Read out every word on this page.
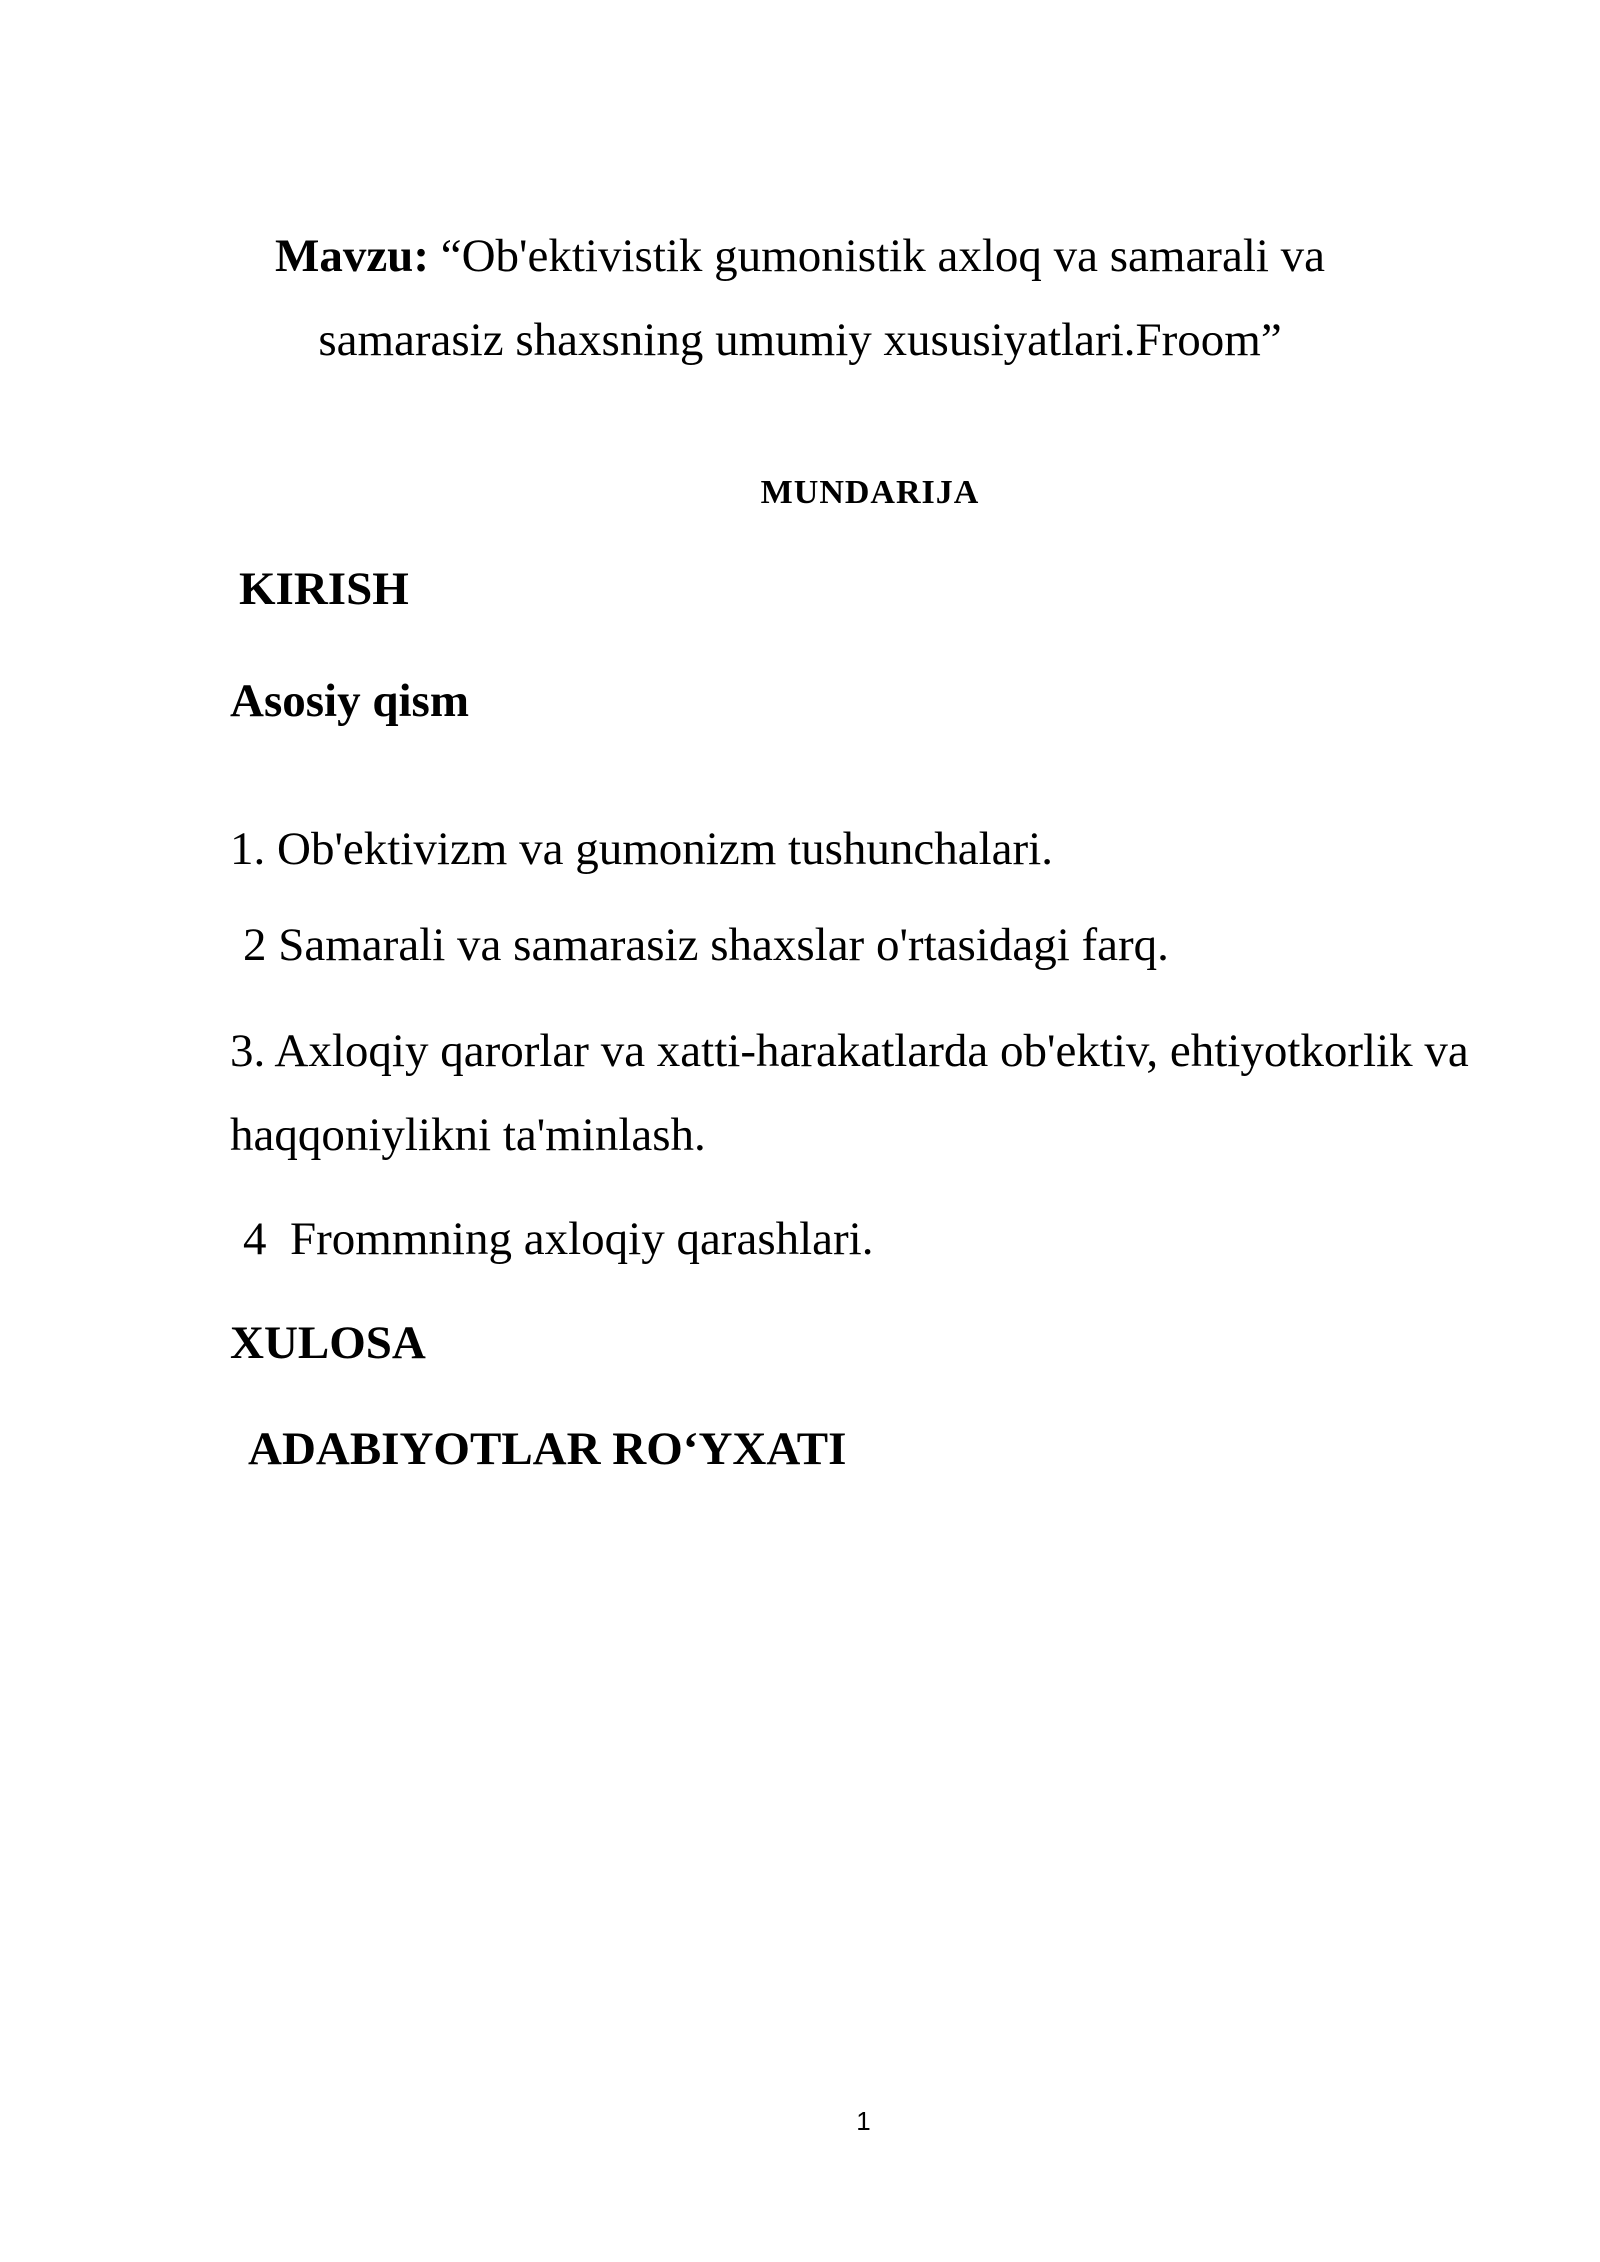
Mavzu: “Ob'ektivistik gumonistik axloq va samarali va samarasiz shaxsning umumiy xususiyatlari.Froom”
MUNDARIJA
KIRISH
Asosiy qism
1. Ob'ektivizm va gumonizm tushunchalari.
2 Samarali va samarasiz shaxslar o'rtasidagi farq.
3. Axloqiy qarorlar va xatti-harakatlarda ob'ektiv, ehtiyotkorlik va haqqoniylikni ta'minlash.
4  Frommning axloqiy qarashlari.
XULOSA
ADABIYOTLAR RO‘YXATI
1
